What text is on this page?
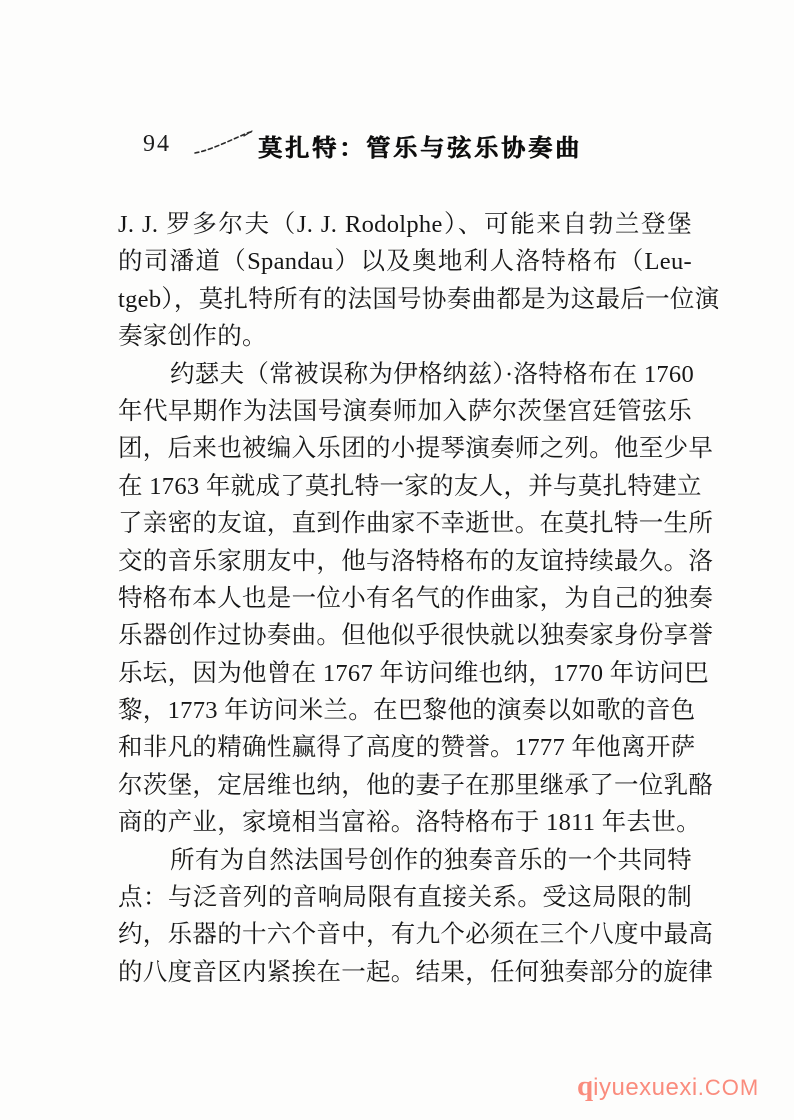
94	莫扎特：管乐与弦乐协奏曲
J. J. 罗多尔夫（J. J. Rodolphe）、可能来自勃兰登堡
的司潘道（Spandau）以及奥地利人洛特格布（Leu-
tgeb），莫扎特所有的法国号协奏曲都是为这最后一位演
奏家创作的。
约瑟夫（常被误称为伊格纳兹）·洛特格布在 1760
年代早期作为法国号演奏师加入萨尔茨堡宫廷管弦乐
团，后来也被编入乐团的小提琴演奏师之列。他至少早
在 1763 年就成了莫扎特一家的友人，并与莫扎特建立
了亲密的友谊，直到作曲家不幸逝世。在莫扎特一生所
交的音乐家朋友中，他与洛特格布的友谊持续最久。洛
特格布本人也是一位小有名气的作曲家，为自己的独奏
乐器创作过协奏曲。但他似乎很快就以独奏家身份享誉
乐坛，因为他曾在 1767 年访问维也纳，1770 年访问巴
黎，1773 年访问米兰。在巴黎他的演奏以如歌的音色
和非凡的精确性赢得了高度的赞誉。1777 年他离开萨
尔茨堡，定居维也纳，他的妻子在那里继承了一位乳酪
商的产业，家境相当富裕。洛特格布于 1811 年去世。
所有为自然法国号创作的独奏音乐的一个共同特
点：与泛音列的音响局限有直接关系。受这局限的制
约，乐器的十六个音中，有九个必须在三个八度中最高
的八度音区内紧挨在一起。结果，任何独奏部分的旋律
qiyuexuexi.COM
